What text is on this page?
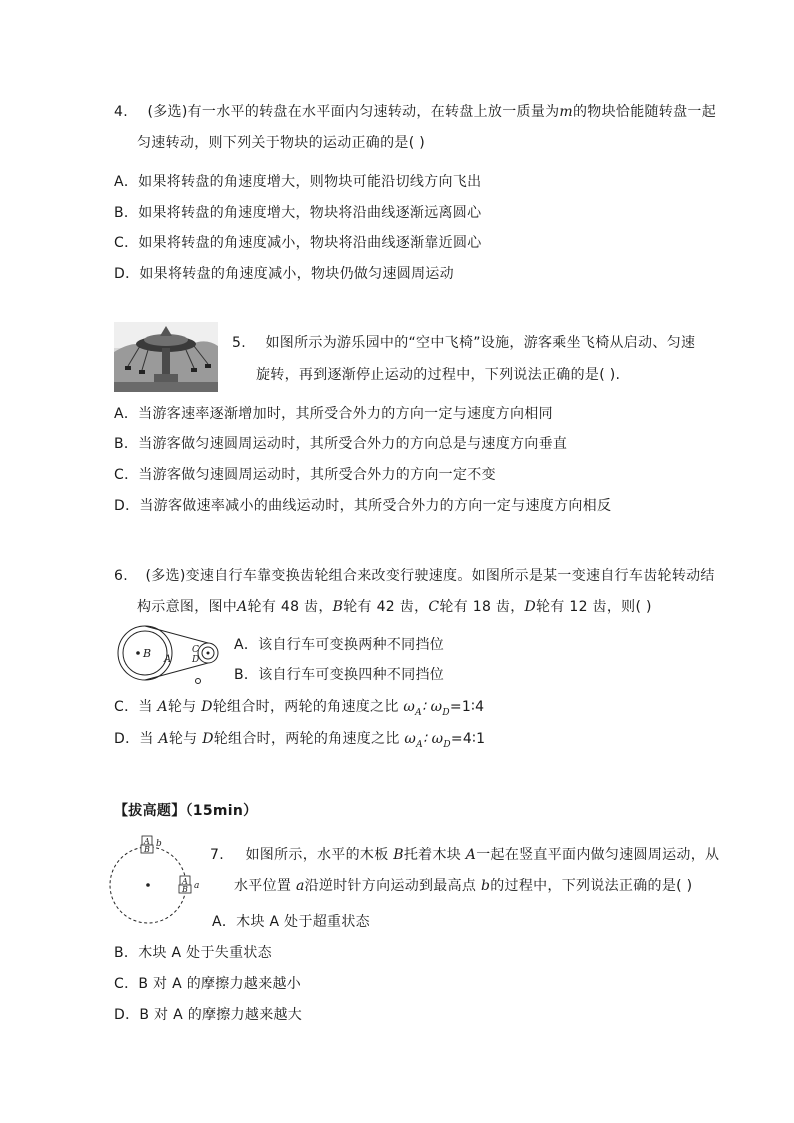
4. (多选)有一水平的转盘在水平面内匀速转动，在转盘上放一质量为m的物块恰能随转盘一起
匀速转动，则下列关于物块的运动正确的是( )
A．如果将转盘的角速度增大，则物块可能沿切线方向飞出
B．如果将转盘的角速度增大，物块将沿曲线逐渐远离圆心
C．如果将转盘的角速度减小，物块将沿曲线逐渐靠近圆心
D．如果将转盘的角速度减小，物块仍做匀速圆周运动
5. 如图所示为游乐园中的“空中飞椅”设施，游客乘坐飞椅从启动、匀速
旋转，再到逐渐停止运动的过程中，下列说法正确的是( ).
A．当游客速率逐渐增加时，其所受合外力的方向一定与速度方向相同
B．当游客做匀速圆周运动时，其所受合外力的方向总是与速度方向垂直
C．当游客做匀速圆周运动时，其所受合外力的方向一定不变
D．当游客做速率减小的曲线运动时，其所受合外力的方向一定与速度方向相反
6. (多选)变速自行车靠变换齿轮组合来改变行驶速度。如图所示是某一变速自行车齿轮转动结
构示意图，图中A轮有 48 齿，B轮有 42 齿，C轮有 18 齿，D轮有 12 齿，则( )
B A
C
D
A．该自行车可变换两种不同挡位
B．该自行车可变换四种不同挡位
C．当 A轮与 D轮组合时，两轮的角速度之比 $\omega_A∶$ $\omega_D=1∶4$
D．当 A轮与 D轮组合时，两轮的角速度之比 $\omega_A∶$ $\omega_D=4∶1$
【拔高题】（15min）
A
B
b
A
B a
7. 如图所示，水平的木板 B托着木块 A一起在竖直平面内做匀速圆周运动，从
水平位置 a沿逆时针方向运动到最高点 b的过程中，下列说法正确的是( )
A．木块 A 处于超重状态
B．木块 A 处于失重状态
C．B 对 A 的摩擦力越来越小
D．B 对 A 的摩擦力越来越大
